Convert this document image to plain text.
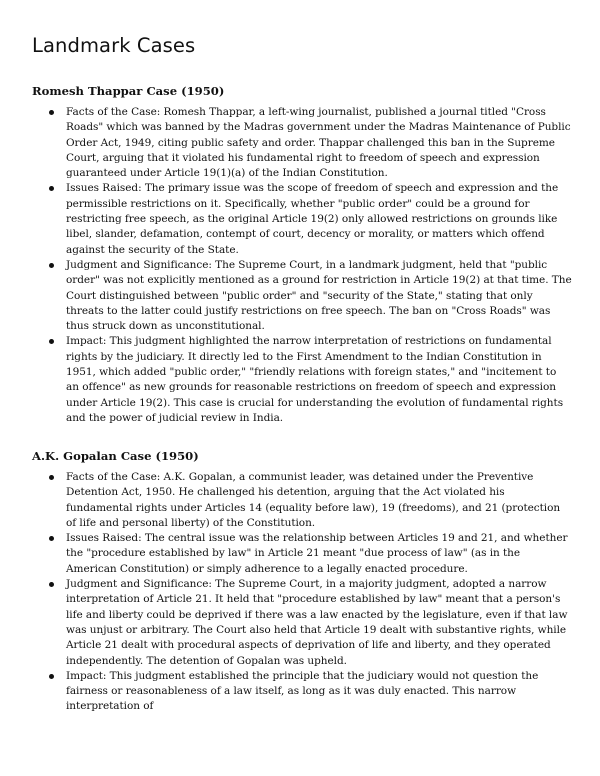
Landmark Cases
Romesh Thappar Case (1950)
Facts of the Case: Romesh Thappar, a left-wing journalist, published a journal titled "Cross Roads" which was banned by the Madras government under the Madras Maintenance of Public Order Act, 1949, citing public safety and order. Thappar challenged this ban in the Supreme Court, arguing that it violated his fundamental right to freedom of speech and expression guaranteed under Article 19(1)(a) of the Indian Constitution.
Issues Raised: The primary issue was the scope of freedom of speech and expression and the permissible restrictions on it. Specifically, whether "public order" could be a ground for restricting free speech, as the original Article 19(2) only allowed restrictions on grounds like libel, slander, defamation, contempt of court, decency or morality, or matters which offend against the security of the State.
Judgment and Significance: The Supreme Court, in a landmark judgment, held that "public order" was not explicitly mentioned as a ground for restriction in Article 19(2) at that time. The Court distinguished between "public order" and "security of the State," stating that only threats to the latter could justify restrictions on free speech. The ban on "Cross Roads" was thus struck down as unconstitutional.
Impact: This judgment highlighted the narrow interpretation of restrictions on fundamental rights by the judiciary. It directly led to the First Amendment to the Indian Constitution in 1951, which added "public order," "friendly relations with foreign states," and "incitement to an offence" as new grounds for reasonable restrictions on freedom of speech and expression under Article 19(2). This case is crucial for understanding the evolution of fundamental rights and the power of judicial review in India.
A.K. Gopalan Case (1950)
Facts of the Case: A.K. Gopalan, a communist leader, was detained under the Preventive Detention Act, 1950. He challenged his detention, arguing that the Act violated his fundamental rights under Articles 14 (equality before law), 19 (freedoms), and 21 (protection of life and personal liberty) of the Constitution.
Issues Raised: The central issue was the relationship between Articles 19 and 21, and whether the "procedure established by law" in Article 21 meant "due process of law" (as in the American Constitution) or simply adherence to a legally enacted procedure.
Judgment and Significance: The Supreme Court, in a majority judgment, adopted a narrow interpretation of Article 21. It held that "procedure established by law" meant that a person's life and liberty could be deprived if there was a law enacted by the legislature, even if that law was unjust or arbitrary. The Court also held that Article 19 dealt with substantive rights, while Article 21 dealt with procedural aspects of deprivation of life and liberty, and they operated independently. The detention of Gopalan was upheld.
Impact: This judgment established the principle that the judiciary would not question the fairness or reasonableness of a law itself, as long as it was duly enacted. This narrow interpretation of
